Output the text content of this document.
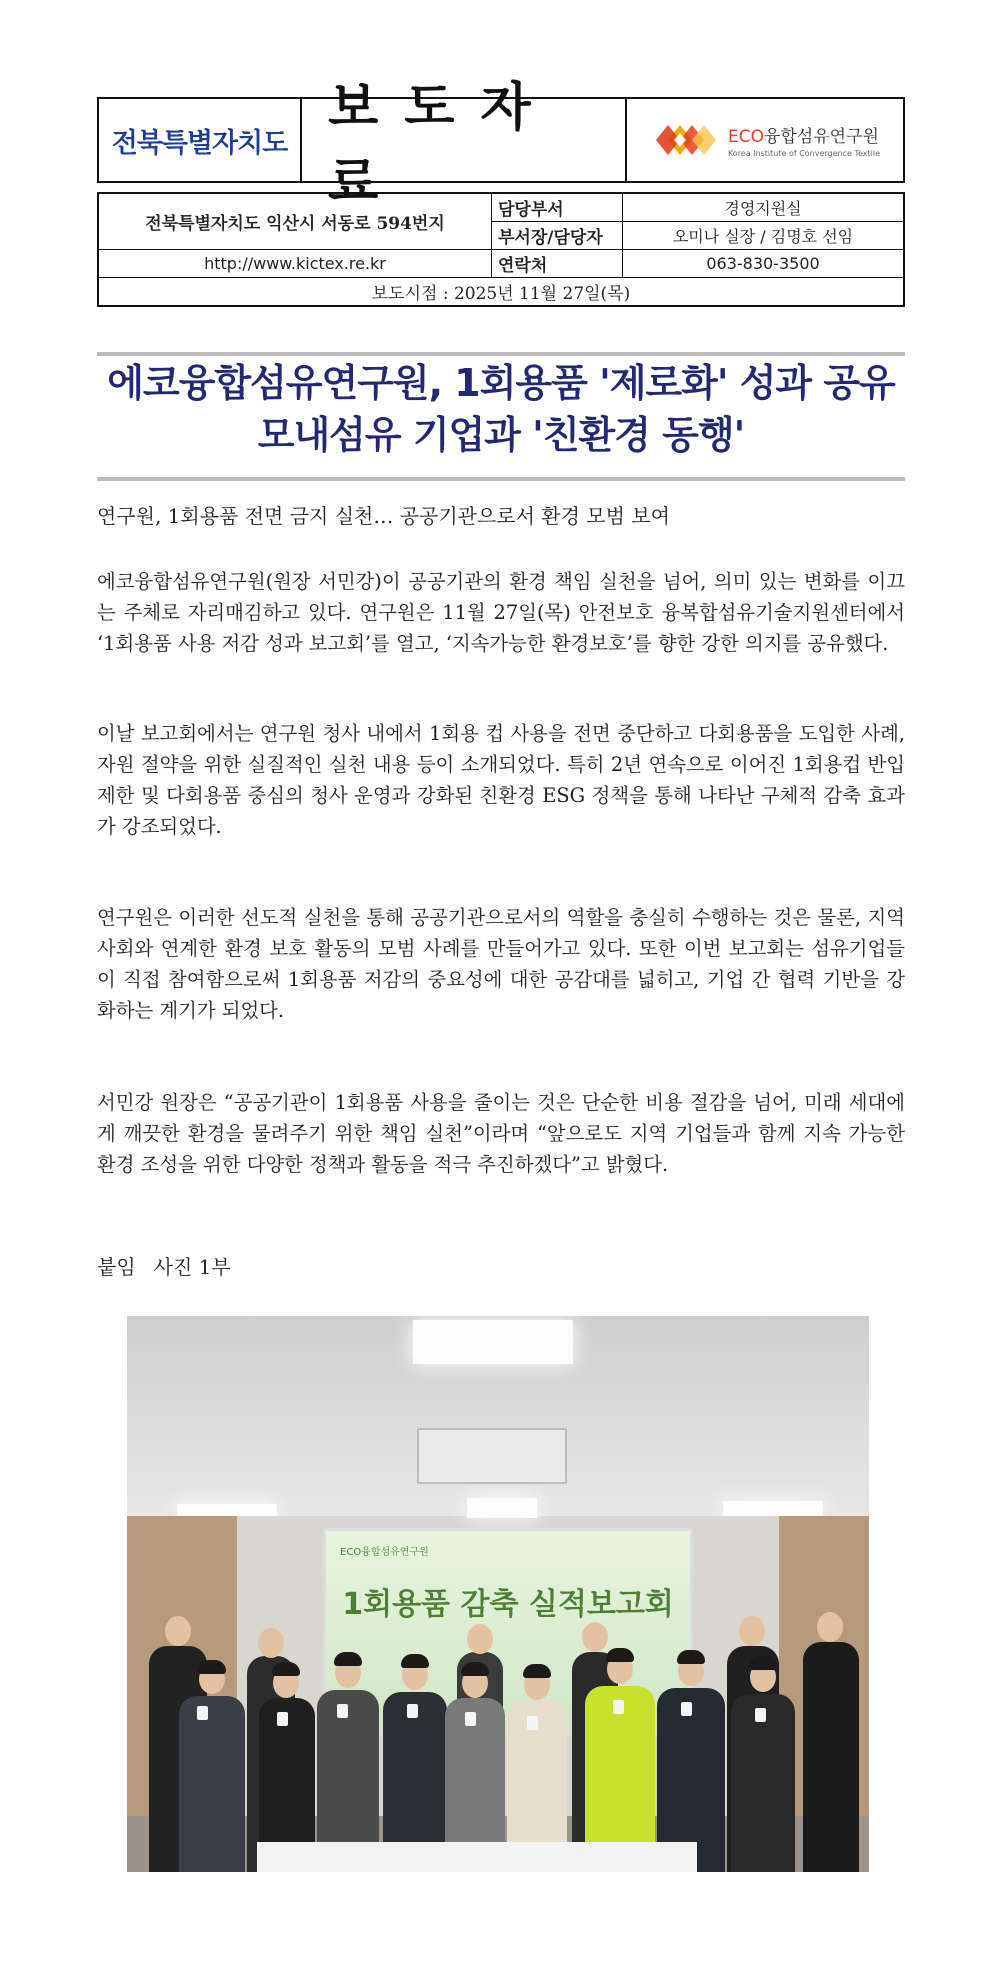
전북특별자치도
보도자료
ECO융합섬유연구원
Korea Institute of Convergence Textile
전북특별자치도 익산시 서동로 594번지	담당부서	경영지원실
	부서장/담당자	오미나 실장 / 김명호 선임
http://www.kictex.re.kr	연락처	063-830-3500
보도시점 : 2025년 11월 27일(목)		
에코융합섬유연구원, 1회용품 '제로화' 성과 공유
모내섬유 기업과 '친환경 동행'
연구원, 1회용품 전면 금지 실천… 공공기관으로서 환경 모범 보여
에코융합섬유연구원(원장 서민강)이 공공기관의 환경 책임 실천을 넘어, 의미 있는 변화를 이끄는 주체로 자리매김하고 있다. 연구원은 11월 27일(목) 안전보호 융복합섬유기술지원센터에서 ‘1회용품 사용 저감 성과 보고회’를 열고, ‘지속가능한 환경보호’를 향한 강한 의지를 공유했다.
이날 보고회에서는 연구원 청사 내에서 1회용 컵 사용을 전면 중단하고 다회용품을 도입한 사례, 자원 절약을 위한 실질적인 실천 내용 등이 소개되었다. 특히 2년 연속으로 이어진 1회용컵 반입제한 및 다회용품 중심의 청사 운영과 강화된 친환경 ESG 정책을 통해 나타난 구체적 감축 효과가 강조되었다.
연구원은 이러한 선도적 실천을 통해 공공기관으로서의 역할을 충실히 수행하는 것은 물론, 지역사회와 연계한 환경 보호 활동의 모범 사례를 만들어가고 있다. 또한 이번 보고회는 섬유기업들이 직접 참여함으로써 1회용품 저감의 중요성에 대한 공감대를 넓히고, 기업 간 협력 기반을 강화하는 계기가 되었다.
서민강 원장은 “공공기관이 1회용품 사용을 줄이는 것은 단순한 비용 절감을 넘어, 미래 세대에게 깨끗한 환경을 물려주기 위한 책임 실천”이라며 “앞으로도 지역 기업들과 함께 지속 가능한 환경 조성을 위한 다양한 정책과 활동을 적극 추진하겠다”고 밝혔다.
붙임 사진 1부
ECO융합섬유연구원
1회용품 감축 실적보고회
